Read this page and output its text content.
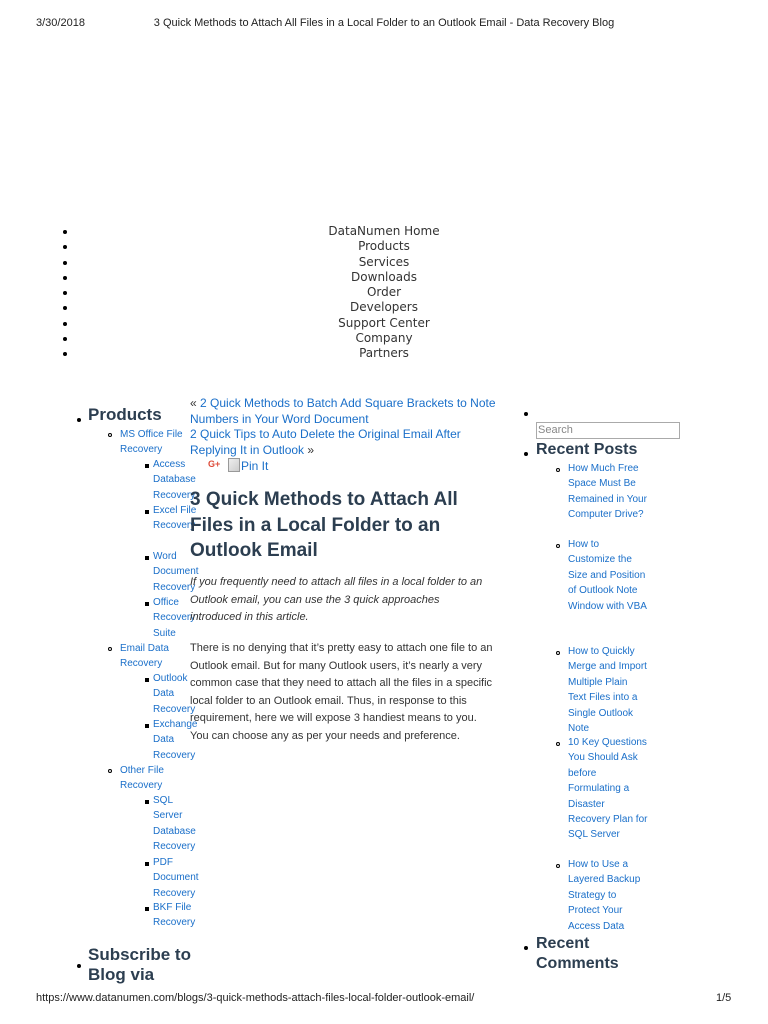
3/30/2018	3 Quick Methods to Attach All Files in a Local Folder to an Outlook Email - Data Recovery Blog
https://www.datanumen.com/blogs/3-quick-methods-attach-files-local-folder-outlook-email/	1/5
DataNumen Home
Products
Services
Downloads
Order
Developers
Support Center
Company
Partners
Products
MS Office File Recovery
Access Database Recovery
Excel File Recovery
Word Document Recovery
Office Recovery Suite
Email Data Recovery
Outlook Data Recovery
Exchange Data Recovery
Other File Recovery
SQL Server Database Recovery
PDF Document Recovery
BKF File Recovery
Subscribe to Blog via
« 2 Quick Methods to Batch Add Square Brackets to Note Numbers in Your Word Document
2 Quick Tips to Auto Delete the Original Email After Replying It in Outlook »
G+	Pin It
3 Quick Methods to Attach All Files in a Local Folder to an Outlook Email

If you frequently need to attach all files in a local folder to an Outlook email, you can use the 3 quick approaches introduced in this article.

There is no denying that it’s pretty easy to attach one file to an Outlook email. But for many Outlook users, it’s nearly a very common case that they need to attach all the files in a specific local folder to an Outlook email. Thus, in response to this requirement, here we will expose 3 handiest means to you. You can choose any as per your needs and preference.

Search
Recent Posts
How Much Free Space Must Be Remained in Your Computer Drive?
How to Customize the Size and Position of Outlook Note Window with VBA
How to Quickly Merge and Import Multiple Plain Text Files into a Single Outlook Note
10 Key Questions You Should Ask before Formulating a Disaster Recovery Plan for SQL Server
How to Use a Layered Backup Strategy to Protect Your Access Data
Recent Comments
